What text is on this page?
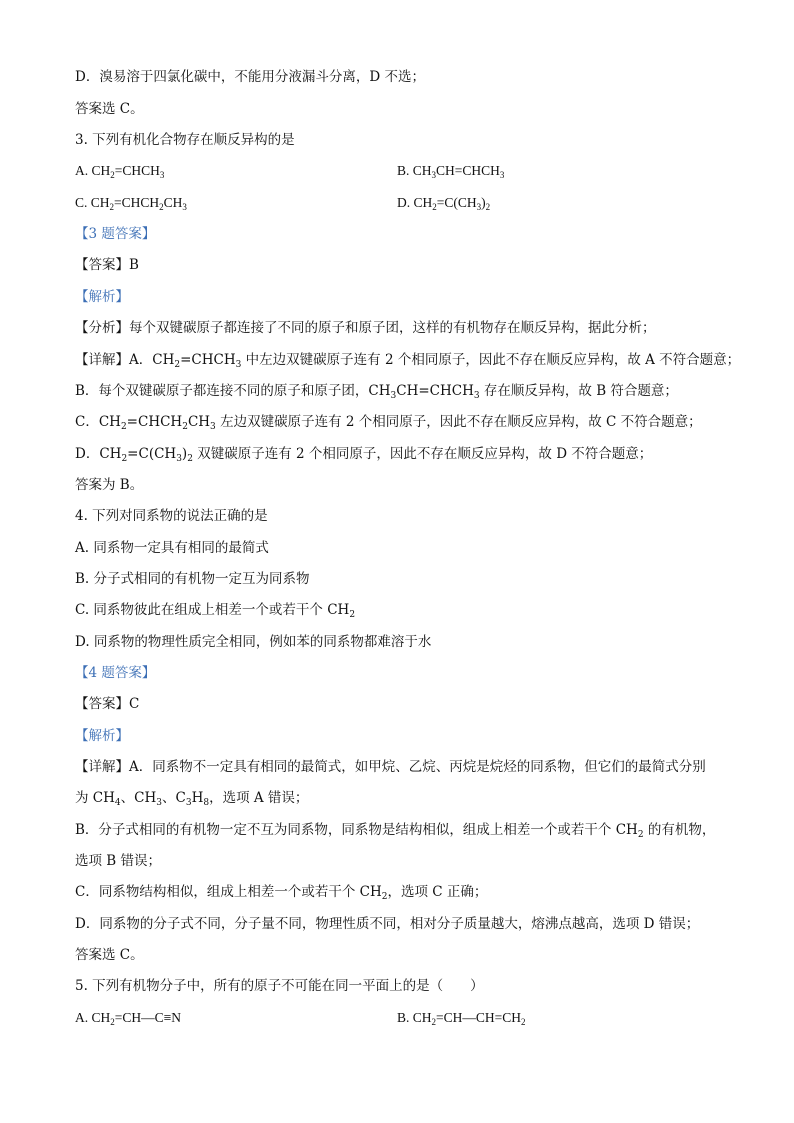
D．溴易溶于四氯化碳中，不能用分液漏斗分离，D 不选；
答案选 C。
3. 下列有机化合物存在顺反异构的是
A. $CH_2=CHCH_3$	B. $CH_3CH=CHCH_3$
C. $CH_2=CHCH_2CH_3$	D. $CH_2=C(CH_3)_2$
【3 题答案】
【答案】B
【解析】
【分析】每个双键碳原子都连接了不同的原子和原子团，这样的有机物存在顺反异构，据此分析；
【详解】A．$CH_2=CHCH_3$ 中左边双键碳原子连有 2 个相同原子，因此不存在顺反应异构，故 A 不符合题意；
B．每个双键碳原子都连接不同的原子和原子团，$CH_3CH=CHCH_3$ 存在顺反异构，故 B 符合题意；
C．$CH_2=CHCH_2CH_3$ 左边双键碳原子连有 2 个相同原子，因此不存在顺反应异构，故 C 不符合题意；
D．$CH_2=C(CH_3)_2$ 双键碳原子连有 2 个相同原子，因此不存在顺反应异构，故 D 不符合题意；
答案为 B。
4. 下列对同系物的说法正确的是
A. 同系物一定具有相同的最简式
B. 分子式相同的有机物一定互为同系物
C. 同系物彼此在组成上相差一个或若干个 $CH_2$
D. 同系物的物理性质完全相同，例如苯的同系物都难溶于水
【4 题答案】
【答案】C
【解析】
【详解】A．同系物不一定具有相同的最简式，如甲烷、乙烷、丙烷是烷烃的同系物，但它们的最简式分别
为 $CH_4$、$CH_3$、$C_3H_8$，选项 A 错误；
B．分子式相同的有机物一定不互为同系物，同系物是结构相似，组成上相差一个或若干个 $CH_2$ 的有机物，
选项 B 错误；
C．同系物结构相似，组成上相差一个或若干个 $CH_2$，选项 C 正确；
D．同系物的分子式不同，分子量不同，物理性质不同，相对分子质量越大，熔沸点越高，选项 D 错误；
答案选 C。
5. 下列有机物分子中，所有的原子不可能在同一平面上的是（　　）
A. $CH_2=CH—C\equiv N$	B. $CH_2=CH—CH=CH_2$
